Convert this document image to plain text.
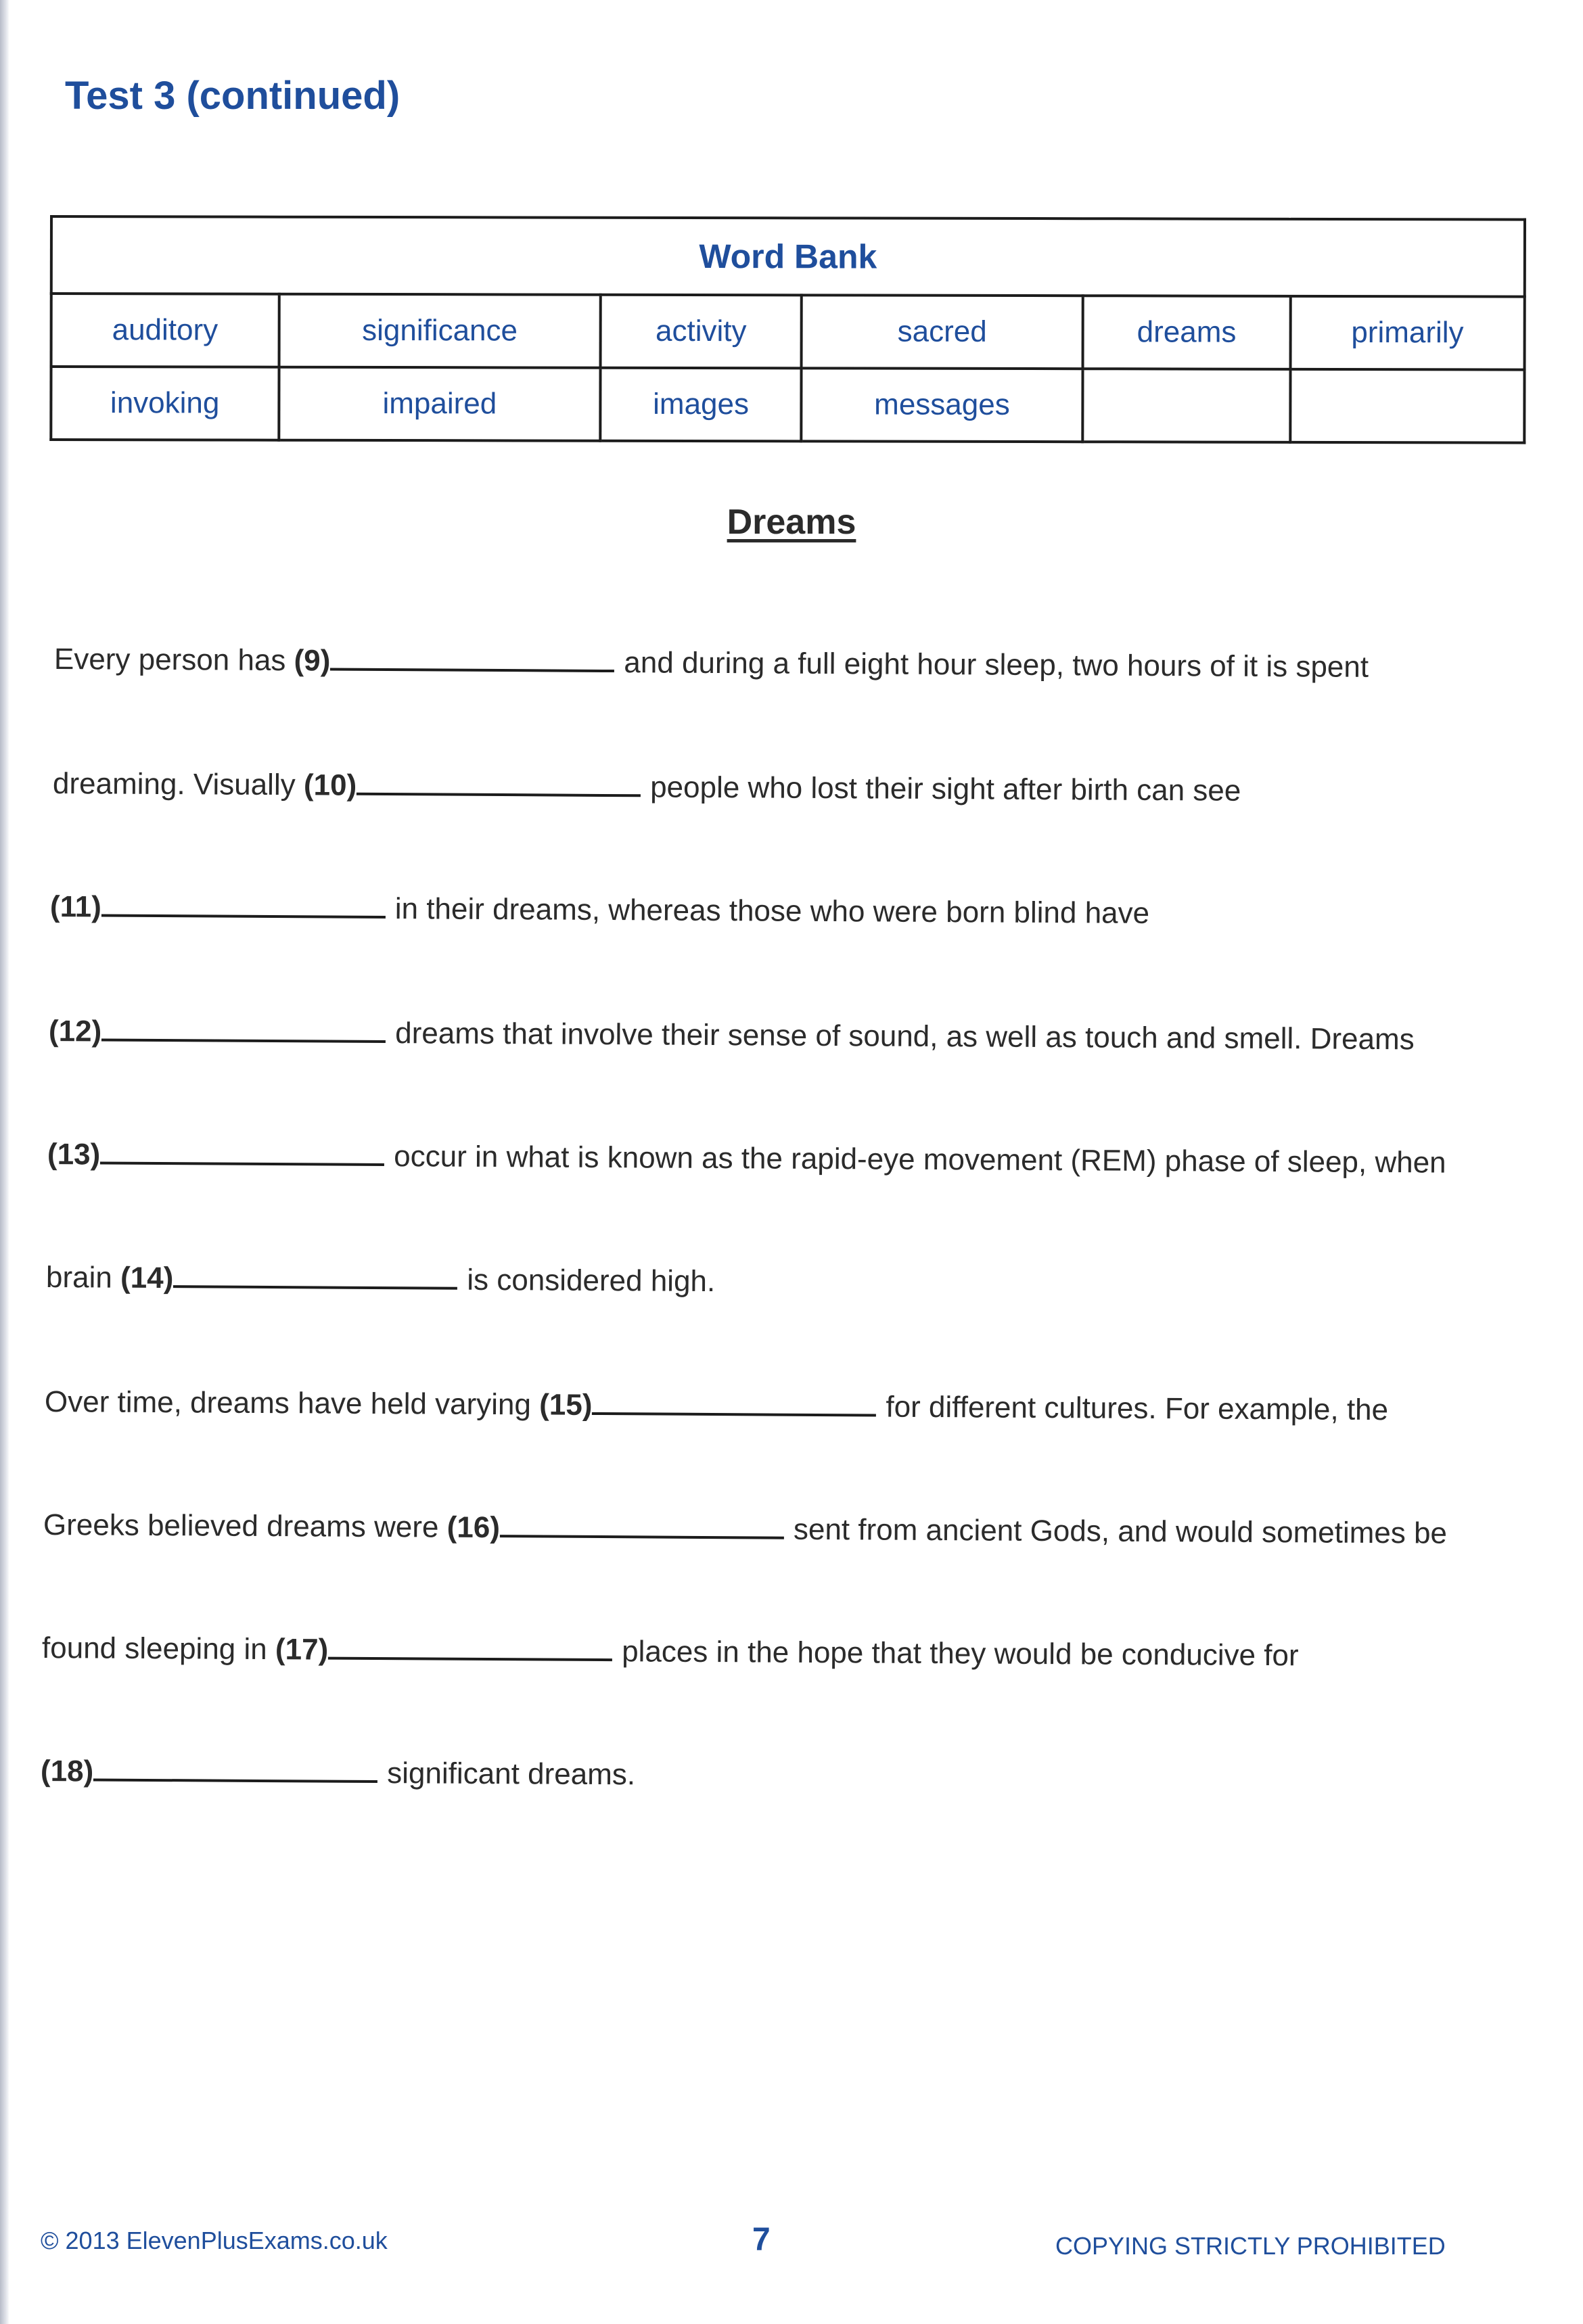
Test 3 (continued)
Word Bank					
auditory	significance	activity	sacred	dreams	primarily
invoking	impaired	images	messages		
Dreams
Every person has (9)	and during a full eight hour sleep, two hours of it is spent
dreaming. Visually (10)	people who lost their sight after birth can see
(11)	in their dreams, whereas those who were born blind have
(12)	dreams that involve their sense of sound, as well as touch and smell. Dreams
(13)	occur in what is known as the rapid-eye movement (REM) phase of sleep, when
brain (14)	is considered high.
Over time, dreams have held varying (15)	for different cultures. For example, the
Greeks believed dreams were (16)	sent from ancient Gods, and would sometimes be
found sleeping in (17)	places in the hope that they would be conducive for
(18)	significant dreams.
© 2013 ElevenPlusExams.co.uk	7	COPYING STRICTLY PROHIBITED
